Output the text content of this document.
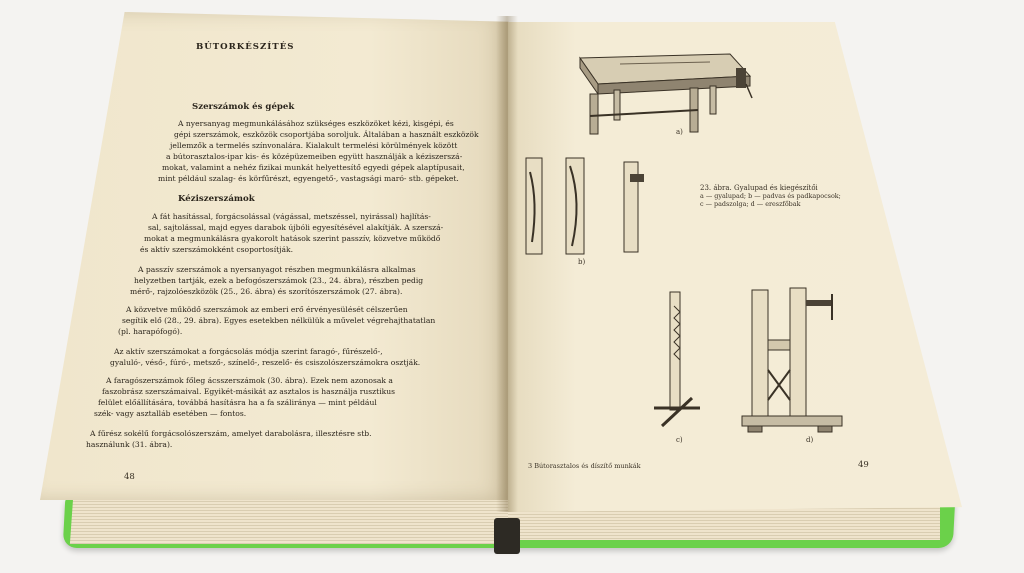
BÚTORKÉSZÍTÉS
Szerszámok és gépek
A nyersanyag megmunkálásához szükséges eszközöket kézi, kisgépi, és
gépi szerszámok, eszközök csoportjába soroljuk. Általában a használt eszközök
jellemzők a termelés színvonalára. Kialakult termelési körülmények között
a bútorasztalos-ipar kis- és középüzemeiben együtt használják a kéziszerszá-
mokat, valamint a nehéz fizikai munkát helyettesítő egyedi gépek alaptípusait,
mint például szalag- és körfűrészt, egyengető-, vastagsági maró- stb. gépeket.
Kéziszerszámok
A fát hasítással, forgácsolással (vágással, metszéssel, nyirással) hajlítás-
sal, sajtolással, majd egyes darabok újbóli egyesítésével alakítják. A szerszá-
mokat a megmunkálásra gyakorolt hatások szerint passzív, közvetve működő
és aktív szerszámokként csoportosítják.
A passzív szerszámok a nyersanyagot részben megmunkálásra alkalmas
helyzetben tartják, ezek a befogószerszámok (23., 24. ábra), részben pedig
mérő-, rajzolóeszközök (25., 26. ábra) és szorítószerszámok (27. ábra).
A közvetve működő szerszámok az emberi erő érvényesülését célszerűen
segítik elő (28., 29. ábra). Egyes esetekben nélkülük a művelet végrehajthatatlan
(pl. harapófogó).
Az aktív szerszámokat a forgácsolás módja szerint faragó-, fűrészelő-,
gyaluló-, véső-, fúró-, metsző-, színelő-, reszelő- és csiszolószerszámokra osztják.
A faragószerszámok főleg ácsszerszámok (30. ábra). Ezek nem azonosak a
faszobrász szerszámaival. Egyikét-másikát az asztalos is használja rusztikus
felület előállítására, továbbá hasításra ha a fa száliránya — mint például
szék- vagy asztalláb esetében — fontos.
A fűrész sokélű forgácsolószerszám, amelyet darabolásra, illesztésre stb.
használunk (31. ábra).
48
a)
b)
23. ábra. Gyalupad és kiegészítői
a — gyalupad; b — padvas és padkapocsok;
c — padszolga; d — ereszfőbak
c)	d)
3 Bútorasztalos és díszítő munkák	49
